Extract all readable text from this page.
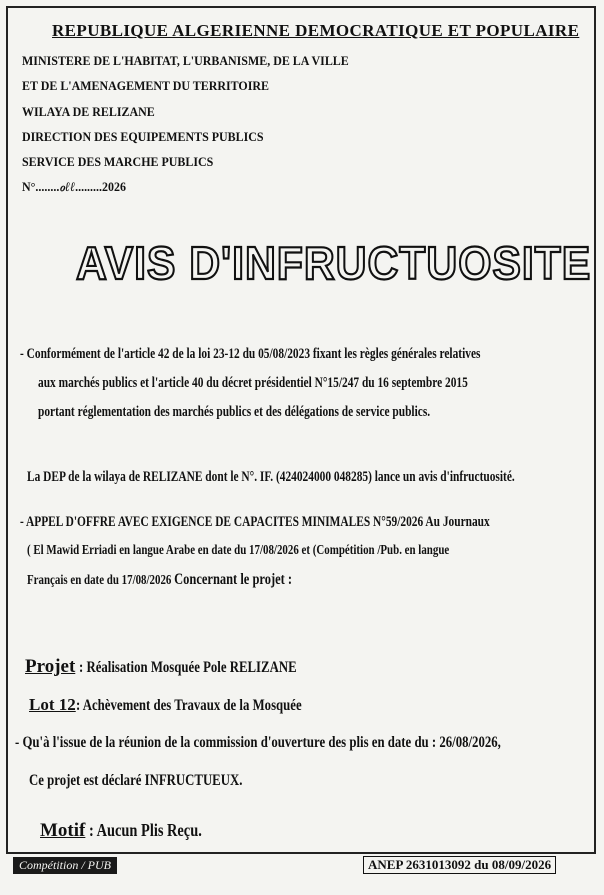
REPUBLIQUE ALGERIENNE DEMOCRATIQUE ET POPULAIRE
MINISTERE DE L'HABITAT, L'URBANISME, DE LA VILLE
ET DE L'AMENAGEMENT DU TERRITOIRE
WILAYA DE RELIZANE
DIRECTION DES EQUIPEMENTS PUBLICS
SERVICE DES MARCHE PUBLICS
N°........ℴℓℓ.........2026
AVIS D'INFRUCTUOSITE
- Conformément de l'article 42 de la loi 23-12 du 05/08/2023 fixant les règles générales relatives
aux marchés publics et l'article 40 du décret présidentiel N°15/247 du 16 septembre 2015
portant réglementation des marchés publics et des délégations de service publics.
La DEP de la wilaya de RELIZANE dont le N°. IF. (424024000 048285) lance un avis d'infructuosité.
- APPEL D'OFFRE AVEC EXIGENCE DE CAPACITES MINIMALES N°59/2026 Au Journaux
( El Mawid Erriadi en langue Arabe en date du 17/08/2026 et (Compétition /Pub. en langue
Français en date du 17/08/2026 Concernant le projet :
Projet : Réalisation Mosquée Pole RELIZANE
Lot 12: Achèvement des Travaux de la Mosquée
- Qu'à l'issue de la réunion de la commission d'ouverture des plis en date du : 26/08/2026,
Ce projet est déclaré INFRUCTUEUX.
Motif : Aucun Plis Reçu.
Compétition / PUB	ANEP 2631013092 du 08/09/2026
